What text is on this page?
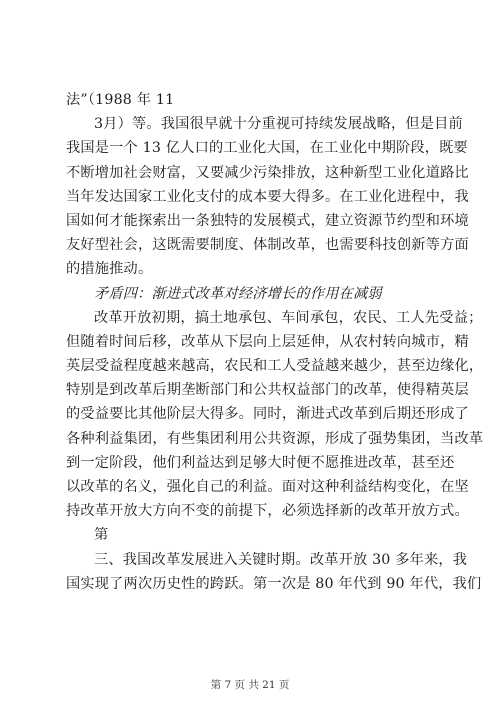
法”（1988 年 11
3月）等。我国很早就十分重视可持续发展战略，但是目前
我国是一个 13 亿人口的工业化大国，在工业化中期阶段，既要
不断增加社会财富，又要减少污染排放，这种新型工业化道路比
当年发达国家工业化支付的成本要大得多。在工业化进程中，我
国如何才能探索出一条独特的发展模式，建立资源节约型和环境
友好型社会，这既需要制度、体制改革，也需要科技创新等方面
的措施推动。
矛盾四：渐进式改革对经济增长的作用在减弱
改革开放初期，搞土地承包、车间承包，农民、工人先受益；
但随着时间后移，改革从下层向上层延伸，从农村转向城市，精
英层受益程度越来越高，农民和工人受益越来越少，甚至边缘化，
特别是到改革后期垄断部门和公共权益部门的改革，使得精英层
的受益要比其他阶层大得多。同时，渐进式改革到后期还形成了
各种利益集团，有些集团利用公共资源，形成了强势集团，当改革
到一定阶段，他们利益达到足够大时便不愿推进改革，甚至还
以改革的名义，强化自己的利益。面对这种利益结构变化，在坚
持改革开放大方向不变的前提下，必须选择新的改革开放方式。
第
三、我国改革发展进入关键时期。改革开放 30 多年来，我
国实现了两次历史性的跨跃。第一次是 80 年代到 90 年代，我们
第 7 页 共 21 页
